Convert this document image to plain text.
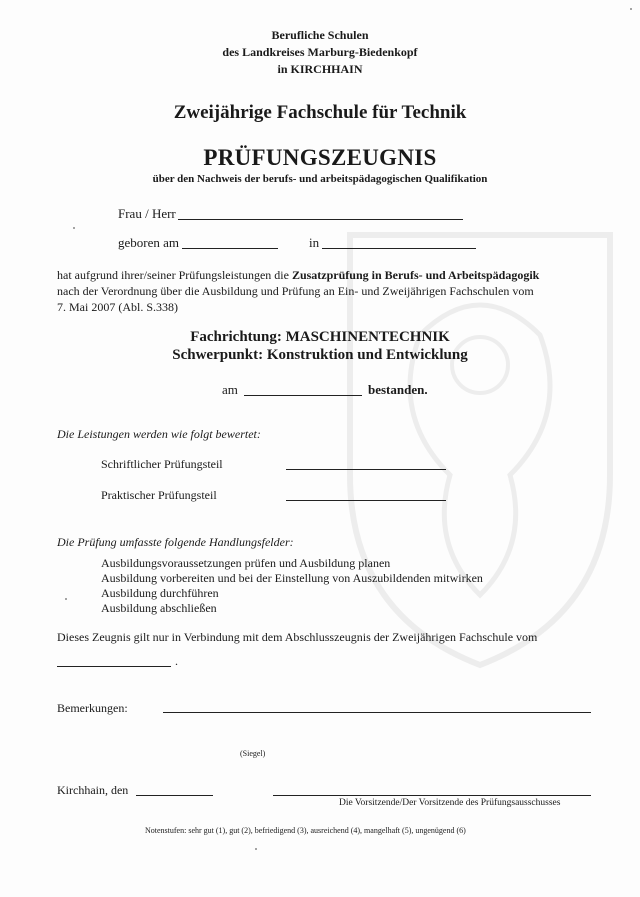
Berufliche Schulen
des Landkreises Marburg-Biedenkopf
in KIRCHHAIN
Zweijährige Fachschule für Technik
PRÜFUNGSZEUGNIS
über den Nachweis der berufs- und arbeitspädagogischen Qualifikation
Frau / Herr
geboren am	in
hat aufgrund ihrer/seiner Prüfungsleistungen die Zusatzprüfung in Berufs- und Arbeitspädagogik
nach der Verordnung über die Ausbildung und Prüfung an Ein- und Zweijährigen Fachschulen vom
7. Mai 2007 (Abl. S.338)
Fachrichtung: MASCHINENTECHNIK
Schwerpunkt: Konstruktion und Entwicklung
am	bestanden.
Die Leistungen werden wie folgt bewertet:
Schriftlicher Prüfungsteil
Praktischer Prüfungsteil
Die Prüfung umfasste folgende Handlungsfelder:
Ausbildungsvoraussetzungen prüfen und Ausbildung planen
Ausbildung vorbereiten und bei der Einstellung von Auszubildenden mitwirken
Ausbildung durchführen
Ausbildung abschließen
Dieses Zeugnis gilt nur in Verbindung mit dem Abschlusszeugnis der Zweijährigen Fachschule vom
.
Bemerkungen:
(Siegel)
Kirchhain, den
Die Vorsitzende/Der Vorsitzende des Prüfungsausschusses
Notenstufen: sehr gut (1), gut (2), befriedigend (3), ausreichend (4), mangelhaft (5), ungenügend (6)
